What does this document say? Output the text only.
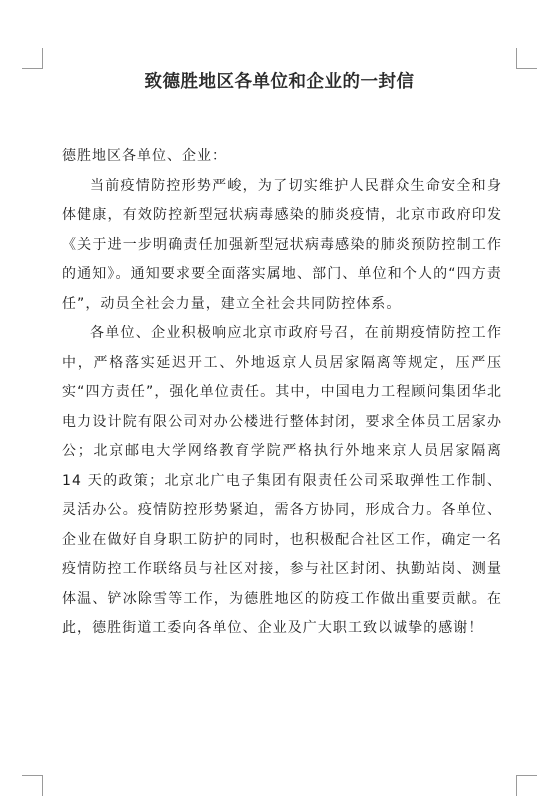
致德胜地区各单位和企业的一封信

德胜地区各单位、企业：

当前疫情防控形势严峻，为了切实维护人民群众生命安全和身体健康，有效防控新型冠状病毒感染的肺炎疫情，北京市政府印发《关于进一步明确责任加强新型冠状病毒感染的肺炎预防控制工作的通知》。通知要求要全面落实属地、部门、单位和个人的“四方责任”，动员全社会力量，建立全社会共同防控体系。

各单位、企业积极响应北京市政府号召，在前期疫情防控工作中，严格落实延迟开工、外地返京人员居家隔离等规定，压严压实“四方责任”，强化单位责任。其中，中国电力工程顾问集团华北电力设计院有限公司对办公楼进行整体封闭，要求全体员工居家办公；北京邮电大学网络教育学院严格执行外地来京人员居家隔离 14 天的政策；北京北广电子集团有限责任公司采取弹性工作制、灵活办公。疫情防控形势紧迫，需各方协同，形成合力。各单位、企业在做好自身职工防护的同时，也积极配合社区工作，确定一名疫情防控工作联络员与社区对接，参与社区封闭、执勤站岗、测量体温、铲冰除雪等工作，为德胜地区的防疫工作做出重要贡献。在此，德胜街道工委向各单位、企业及广大职工致以诚挚的感谢！
